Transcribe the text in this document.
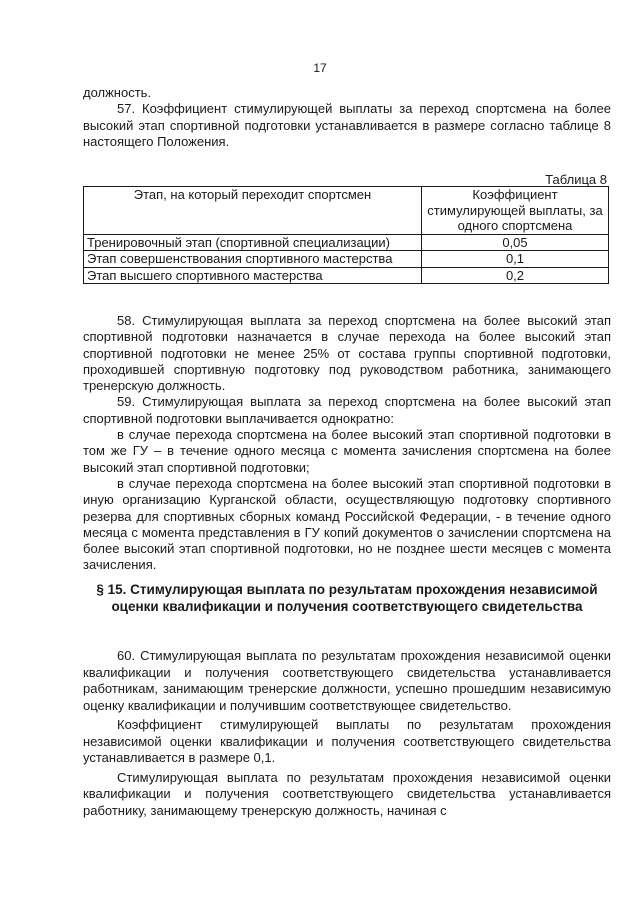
17

должность.

57. Коэффициент стимулирующей выплаты за переход спортсмена на более высокий этап спортивной подготовки устанавливается в размере согласно таблице 8 настоящего Положения.

Таблица 8
Этап, на который переходит спортсмен	Коэффициент стимулирующей выплаты, за одного спортсмена
Тренировочный этап (спортивной специализации)	0,05
Этап совершенствования спортивного мастерства	0,1
Этап высшего спортивного мастерства	0,2

58. Стимулирующая выплата за переход спортсмена на более высокий этап спортивной подготовки назначается в случае перехода на более высокий этап спортивной подготовки не менее 25% от состава группы спортивной подготовки, проходившей спортивную подготовку под руководством работника, занимающего тренерскую должность.

59. Стимулирующая выплата за переход спортсмена на более высокий этап спортивной подготовки выплачивается однократно:

в случае перехода спортсмена на более высокий этап спортивной подготовки в том же ГУ – в течение одного месяца с момента зачисления спортсмена на более высокий этап спортивной подготовки;

в случае перехода спортсмена на более высокий этап спортивной подготовки в иную организацию Курганской области, осуществляющую подготовку спортивного резерва для спортивных сборных команд Российской Федерации, - в течение одного месяца с момента представления в ГУ копий документов о зачислении спортсмена на более высокий этап спортивной подготовки, но не позднее шести месяцев с момента зачисления.

§ 15. Стимулирующая выплата по результатам прохождения независимой оценки квалификации и получения соответствующего свидетельства

60. Стимулирующая выплата по результатам прохождения независимой оценки квалификации и получения соответствующего свидетельства устанавливается работникам, занимающим тренерские должности, успешно прошедшим независимую оценку квалификации и получившим соответствующее свидетельство.

Коэффициент стимулирующей выплаты по результатам прохождения независимой оценки квалификации и получения соответствующего свидетельства устанавливается в размере 0,1.

Стимулирующая выплата по результатам прохождения независимой оценки квалификации и получения соответствующего свидетельства устанавливается работнику, занимающему тренерскую должность, начиная с
